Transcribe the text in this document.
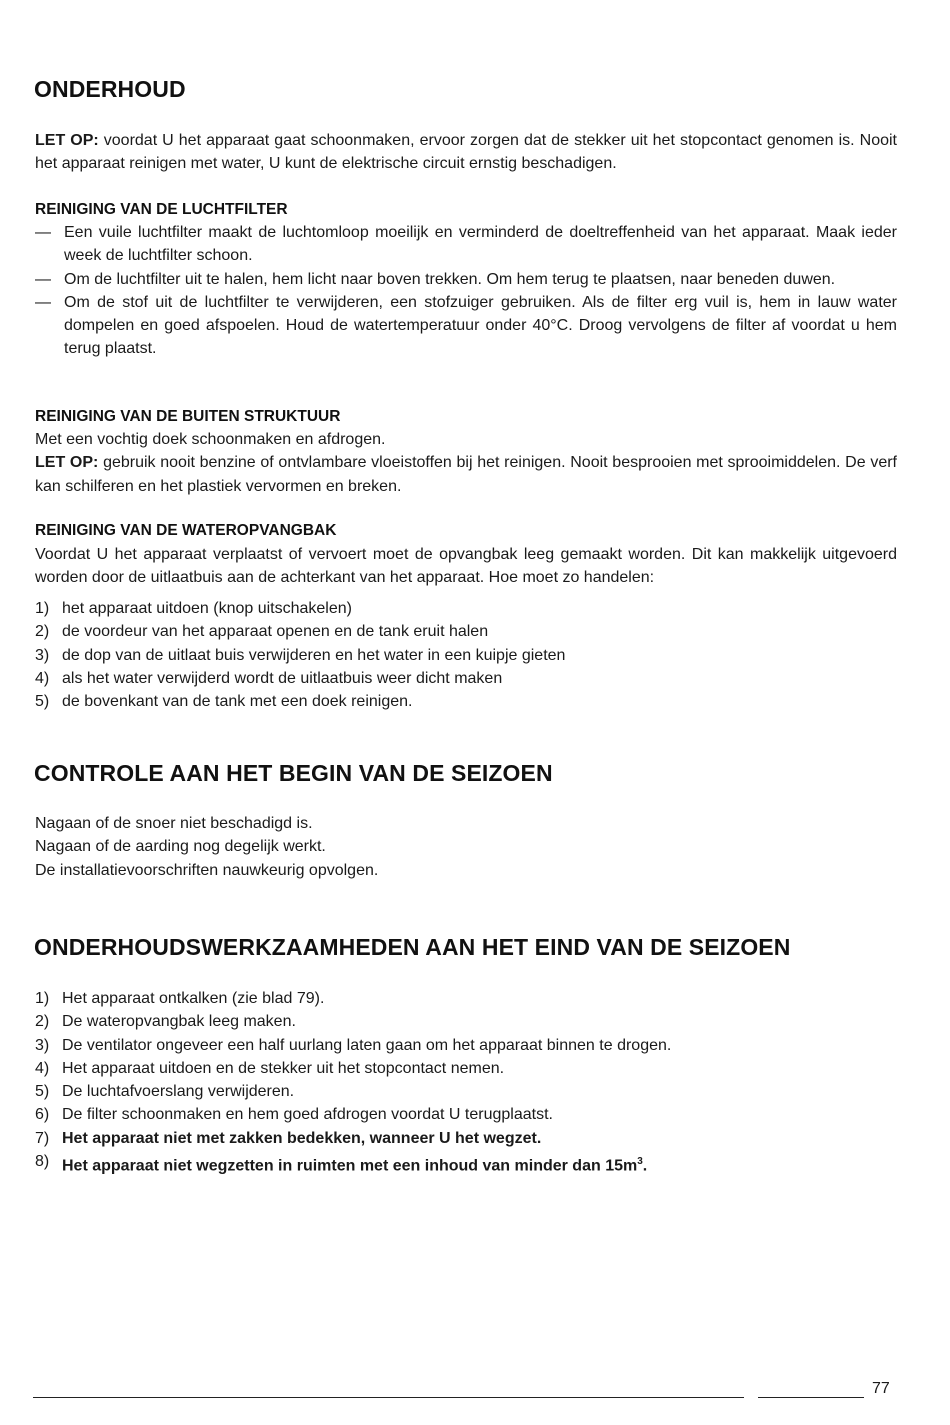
ONDERHOUD
LET OP: voordat U het apparaat gaat schoonmaken, ervoor zorgen dat de stekker uit het stopcontact genomen is. Nooit het apparaat reinigen met water, U kunt de elektrische circuit ernstig beschadigen.
REINIGING VAN DE LUCHTFILTER
— Een vuile luchtfilter maakt de luchtomloop moeilijk en verminderd de doeltreffenheid van het apparaat. Maak ieder week de luchtfilter schoon.
— Om de luchtfilter uit te halen, hem licht naar boven trekken. Om hem terug te plaatsen, naar beneden duwen.
— Om de stof uit de luchtfilter te verwijderen, een stofzuiger gebruiken. Als de filter erg vuil is, hem in lauw water dompelen en goed afspoelen. Houd de watertemperatuur onder 40°C. Droog vervolgens de filter af voordat u hem terug plaatst.
REINIGING VAN DE BUITEN STRUKTUUR
Met een vochtig doek schoonmaken en afdrogen.
LET OP: gebruik nooit benzine of ontvlambare vloeistoffen bij het reinigen. Nooit besprooien met sprooimiddelen. De verf kan schilferen en het plastiek vervormen en breken.
REINIGING VAN DE WATEROPVANGBAK
Voordat U het apparaat verplaatst of vervoert moet de opvangbak leeg gemaakt worden. Dit kan makkelijk uitgevoerd worden door de uitlaatbuis aan de achterkant van het apparaat. Hoe moet zo handelen:
1) het apparaat uitdoen (knop uitschakelen)
2) de voordeur van het apparaat openen en de tank eruit halen
3) de dop van de uitlaat buis verwijderen en het water in een kuipje gieten
4) als het water verwijderd wordt de uitlaatbuis weer dicht maken
5) de bovenkant van de tank met een doek reinigen.
CONTROLE AAN HET BEGIN VAN DE SEIZOEN
Nagaan of de snoer niet beschadigd is.
Nagaan of de aarding nog degelijk werkt.
De installatievoorschriften nauwkeurig opvolgen.
ONDERHOUDSWERKZAAMHEDEN AAN HET EIND VAN DE SEIZOEN
1) Het apparaat ontkalken (zie blad 79).
2) De wateropvangbak leeg maken.
3) De ventilator ongeveer een half uurlang laten gaan om het apparaat binnen te drogen.
4) Het apparaat uitdoen en de stekker uit het stopcontact nemen.
5) De luchtafvoerslang verwijderen.
6) De filter schoonmaken en hem goed afdrogen voordat U terugplaatst.
7) Het apparaat niet met zakken bedekken, wanneer U het wegzet.
8) Het apparaat niet wegzetten in ruimten met een inhoud van minder dan $15m^3$.
77
